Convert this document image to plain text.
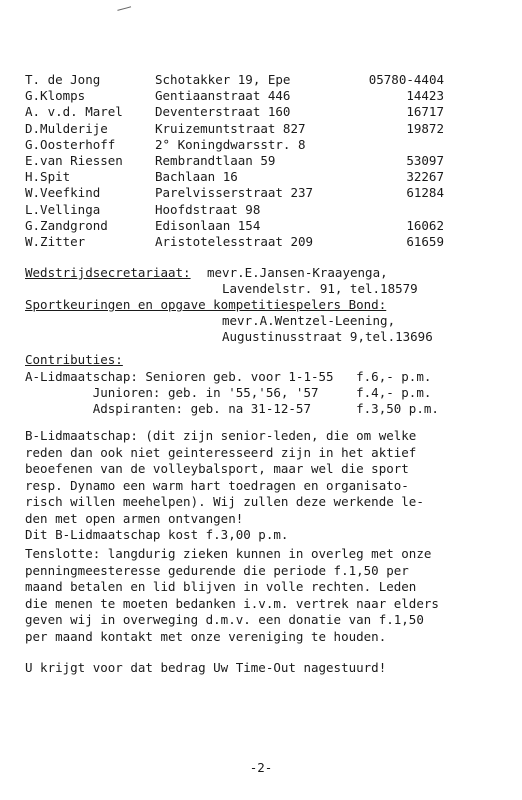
T. de Jong	Schotakker 19, Epe	05780-4404
G.Klomps	Gentiaanstraat 446	14423
A. v.d. Marel	Deventerstraat 160	16717
D.Mulderije	Kruizemuntstraat 827	19872
G.Oosterhoff	2° Koningdwarsstr. 8
E.van Riessen	Rembrandtlaan 59	53097
H.Spit	Bachlaan 16	32267
W.Veefkind	Parelvisserstraat 237	61284
L.Vellinga	Hoofdstraat 98
G.Zandgrond	Edisonlaan 154	16062
W.Zitter	Aristotelesstraat 209	61659
Wedstrijdsecretariaat: mevr.E.Jansen-Kraayenga,
Lavendelstr. 91, tel.18579
Sportkeuringen en opgave kompetitiespelers Bond:
mevr.A.Wentzel-Leening,
Augustinusstraat 9,tel.13696
Contributies:
A-Lidmaatschap: Senioren geb. voor 1-1-55   f.6,- p.m.
Junioren: geb. in '55,'56, '57     f.4,- p.m.
Adspiranten: geb. na 31-12-57      f.3,50 p.m.
B-Lidmaatschap: (dit zijn senior-leden, die om welke
reden dan ook niet geinteresseerd zijn in het aktief
beoefenen van de volleybalsport, maar wel die sport
resp. Dynamo een warm hart toedragen en organisato-
risch willen meehelpen). Wij zullen deze werkende le-
den met open armen ontvangen!
Dit B-Lidmaatschap kost f.3,00 p.m.
Tenslotte: langdurig zieken kunnen in overleg met onze
penningmeesteresse gedurende die periode f.1,50 per
maand betalen en lid blijven in volle rechten. Leden
die menen te moeten bedanken i.v.m. vertrek naar elders
geven wij in overweging d.m.v. een donatie van f.1,50
per maand kontakt met onze vereniging te houden.
U krijgt voor dat bedrag Uw Time-Out nagestuurd!
-2-
